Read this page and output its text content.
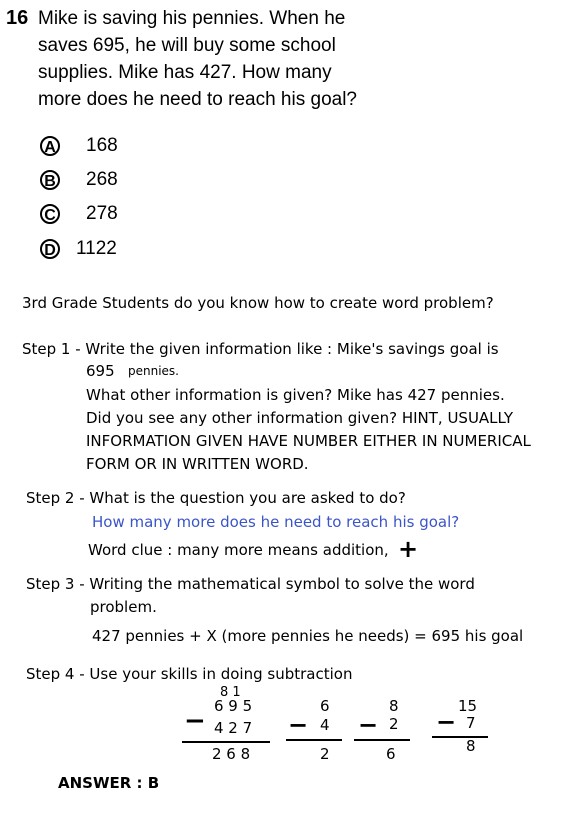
16 Mike is saving his pennies. When he
saves 695, he will buy some school
supplies. Mike has 427. How many
more does he need to reach his goal?
A 168
B 268
C 278
D 1122
3rd Grade Students do you know how to create word problem?
Step 1 - Write the given information like : Mike's savings goal is
695 pennies.
What other information is given? Mike has 427 pennies.
Did you see any other information given? HINT, USUALLY
INFORMATION GIVEN HAVE NUMBER EITHER IN NUMERICAL
FORM OR IN WRITTEN WORD.
Step 2 - What is the question you are asked to do?
How many more does he need to reach his goal?
Word clue : many more means addition, +
Step 3 - Writing the mathematical symbol to solve the word
problem.
427 pennies + X (more pennies he needs) = 695 his goal
Step 4 - Use your skills in doing subtraction
8 1
6 9 5
− 4 2 7
2 6 8
6
− 4
2
8
− 2
6
15
− 7
8
ANSWER : B
